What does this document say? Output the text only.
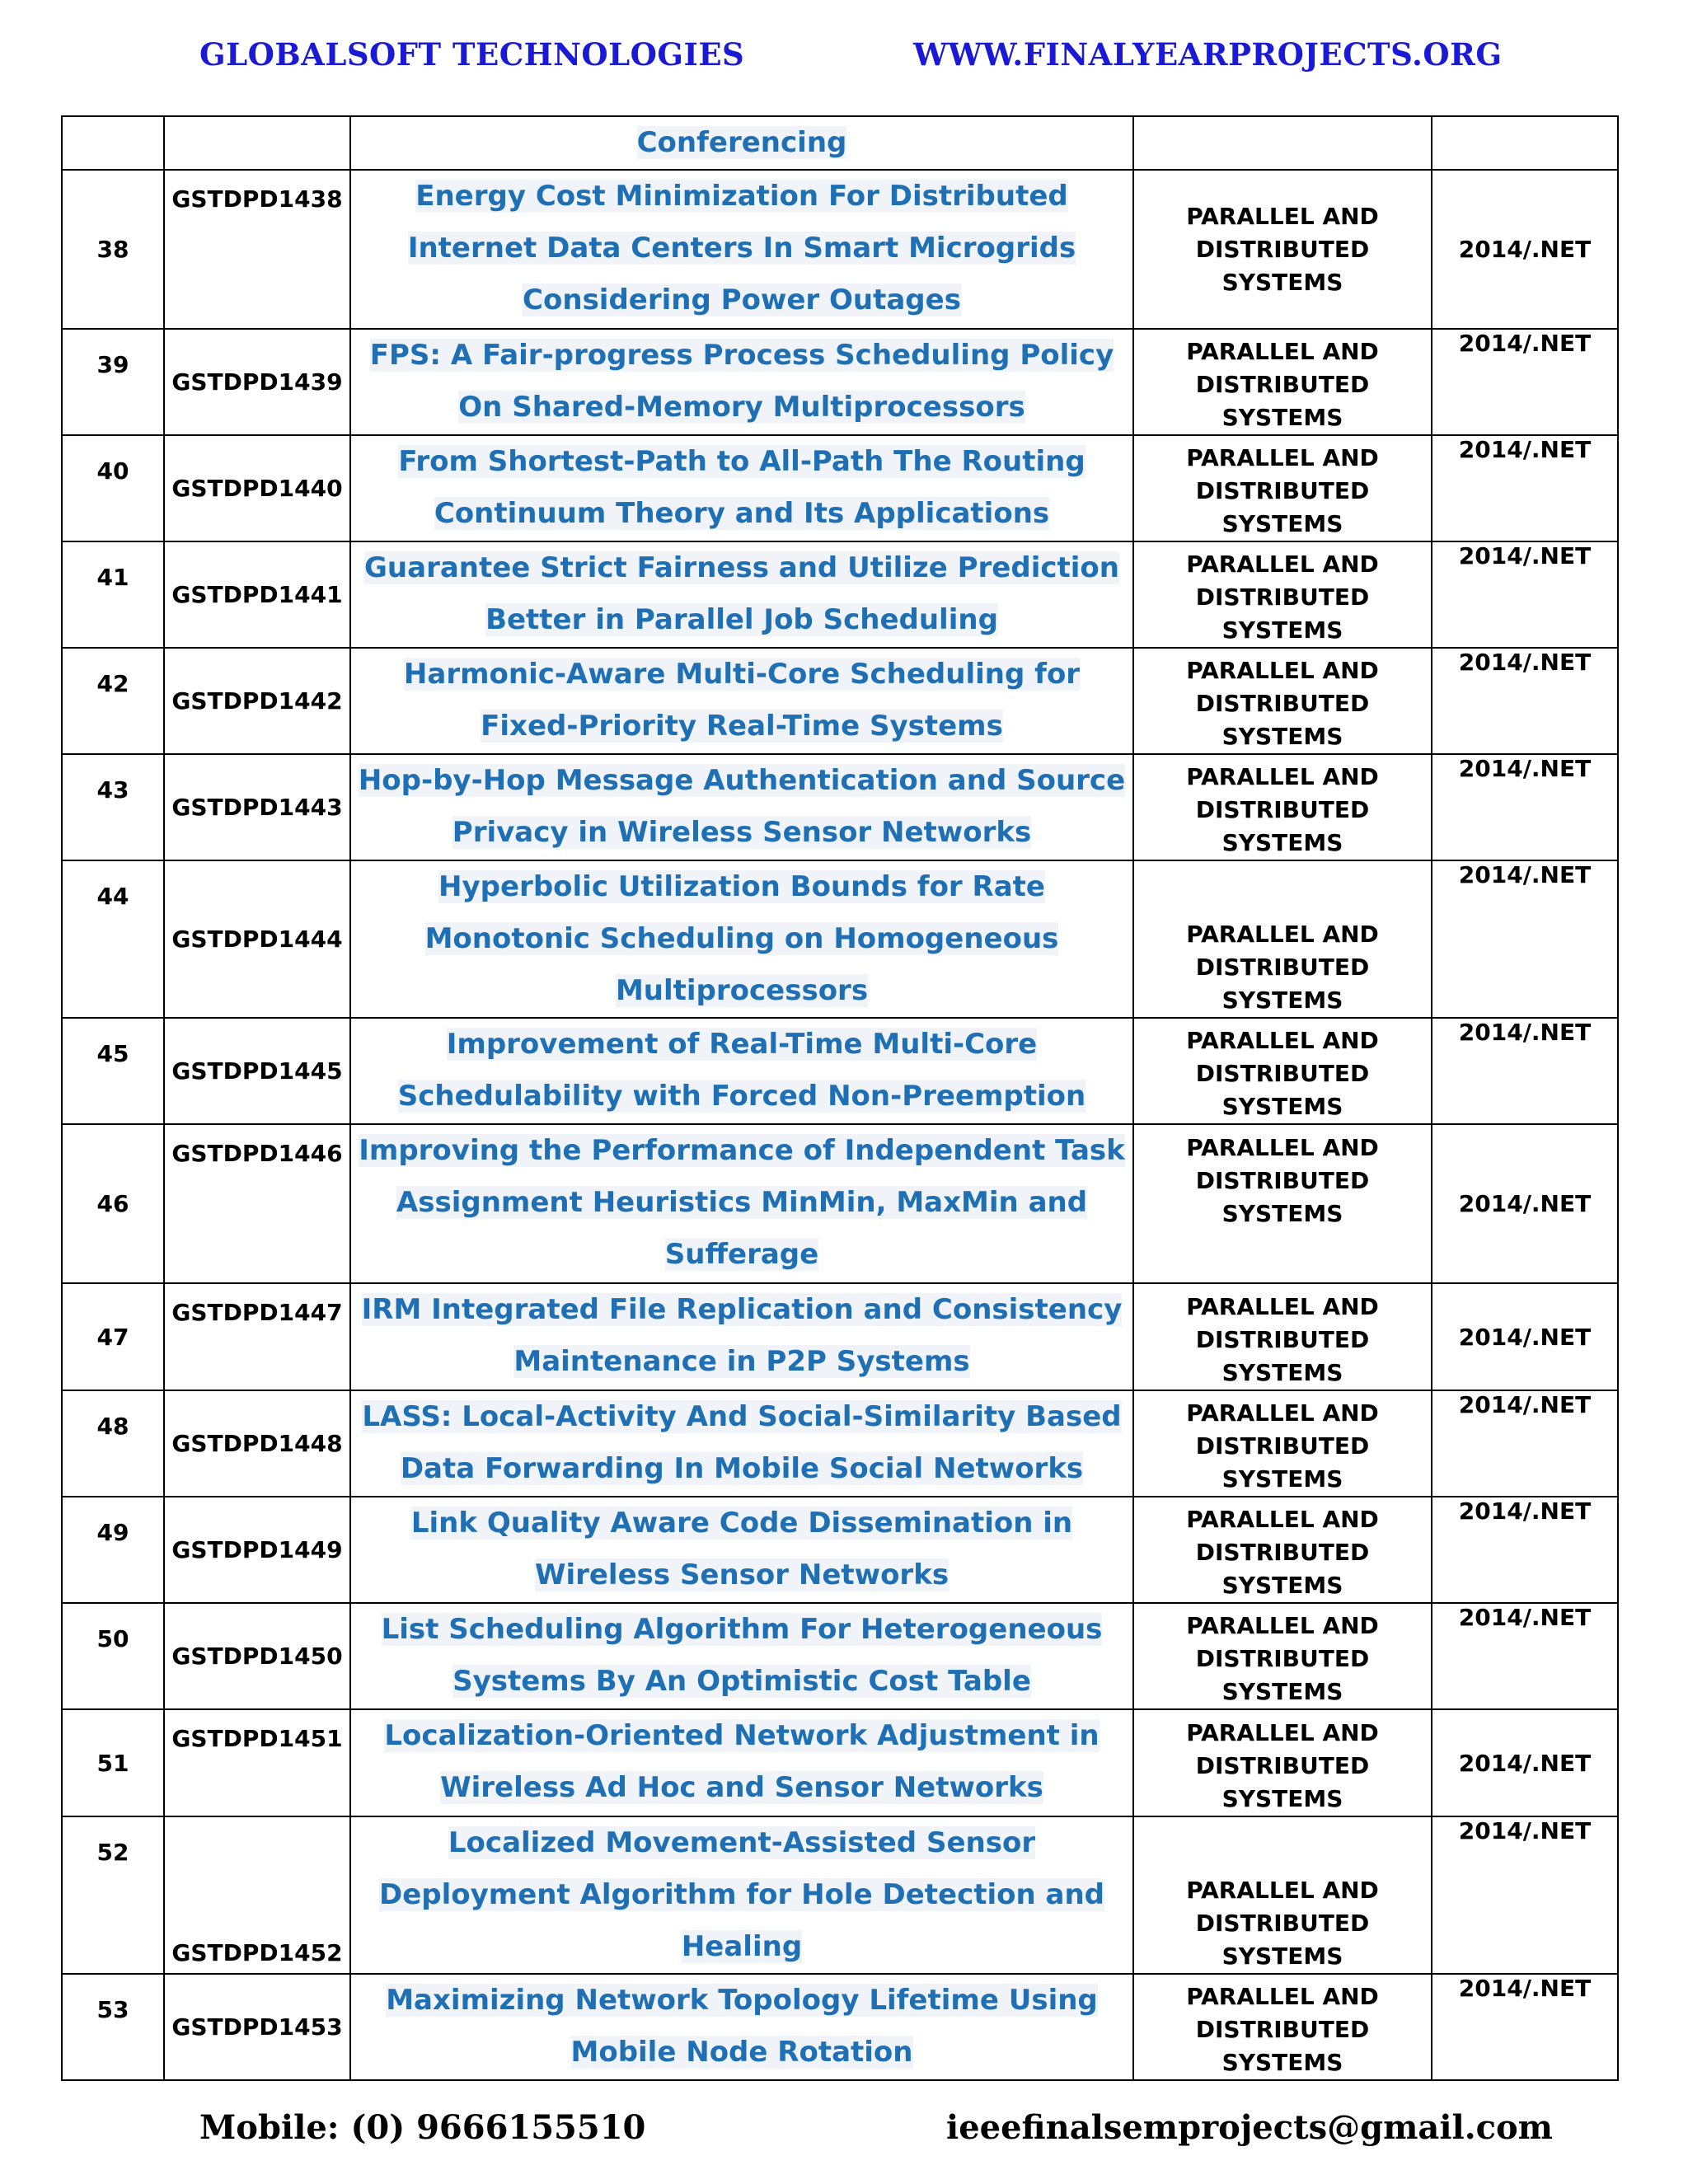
GLOBALSOFT TECHNOLOGIES	WWW.FINALYEARPROJECTS.ORG
		Conferencing		
38	GSTDPD1438	Energy Cost Minimization For Distributed Internet Data Centers In Smart Microgrids Considering Power Outages	PARALLEL AND DISTRIBUTED SYSTEMS	2014/.NET
39	GSTDPD1439	FPS: A Fair-progress Process Scheduling Policy On Shared-Memory Multiprocessors	PARALLEL AND DISTRIBUTED SYSTEMS	2014/.NET
40	GSTDPD1440	From Shortest-Path to All-Path The Routing Continuum Theory and Its Applications	PARALLEL AND DISTRIBUTED SYSTEMS	2014/.NET
41	GSTDPD1441	Guarantee Strict Fairness and Utilize Prediction Better in Parallel Job Scheduling	PARALLEL AND DISTRIBUTED SYSTEMS	2014/.NET
42	GSTDPD1442	Harmonic-Aware Multi-Core Scheduling for Fixed-Priority Real-Time Systems	PARALLEL AND DISTRIBUTED SYSTEMS	2014/.NET
43	GSTDPD1443	Hop-by-Hop Message Authentication and Source Privacy in Wireless Sensor Networks	PARALLEL AND DISTRIBUTED SYSTEMS	2014/.NET
44	GSTDPD1444	Hyperbolic Utilization Bounds for Rate Monotonic Scheduling on Homogeneous Multiprocessors	PARALLEL AND DISTRIBUTED SYSTEMS	2014/.NET
45	GSTDPD1445	Improvement of Real-Time Multi-Core Schedulability with Forced Non-Preemption	PARALLEL AND DISTRIBUTED SYSTEMS	2014/.NET
46	GSTDPD1446	Improving the Performance of Independent Task Assignment Heuristics MinMin, MaxMin and Sufferage	PARALLEL AND DISTRIBUTED SYSTEMS	2014/.NET
47	GSTDPD1447	IRM Integrated File Replication and Consistency Maintenance in P2P Systems	PARALLEL AND DISTRIBUTED SYSTEMS	2014/.NET
48	GSTDPD1448	LASS: Local-Activity And Social-Similarity Based Data Forwarding In Mobile Social Networks	PARALLEL AND DISTRIBUTED SYSTEMS	2014/.NET
49	GSTDPD1449	Link Quality Aware Code Dissemination in Wireless Sensor Networks	PARALLEL AND DISTRIBUTED SYSTEMS	2014/.NET
50	GSTDPD1450	List Scheduling Algorithm For Heterogeneous Systems By An Optimistic Cost Table	PARALLEL AND DISTRIBUTED SYSTEMS	2014/.NET
51	GSTDPD1451	Localization-Oriented Network Adjustment in Wireless Ad Hoc and Sensor Networks	PARALLEL AND DISTRIBUTED SYSTEMS	2014/.NET
52	GSTDPD1452	Localized Movement-Assisted Sensor Deployment Algorithm for Hole Detection and Healing	PARALLEL AND DISTRIBUTED SYSTEMS	2014/.NET
53	GSTDPD1453	Maximizing Network Topology Lifetime Using Mobile Node Rotation	PARALLEL AND DISTRIBUTED SYSTEMS	2014/.NET
Mobile: (0) 9666155510	ieeefinalsemprojects@gmail.com
